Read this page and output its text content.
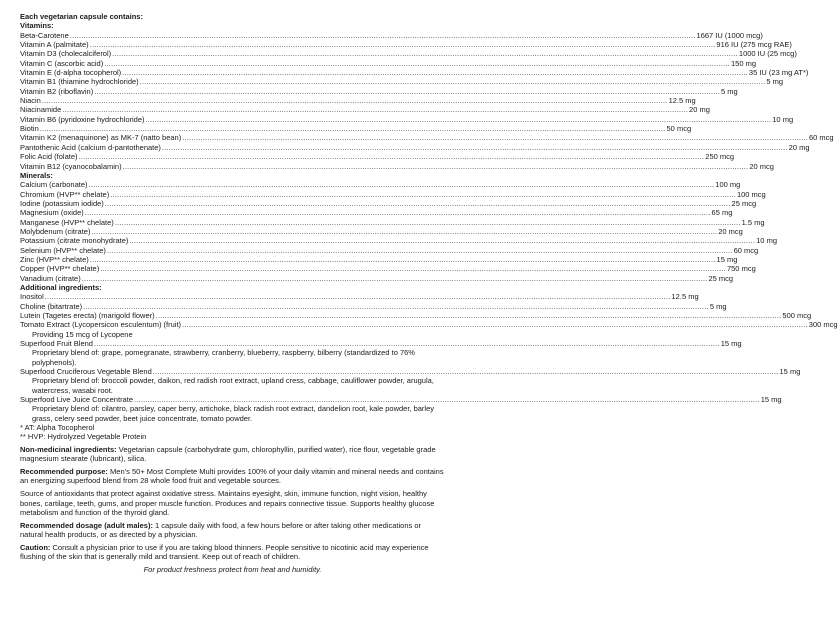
Each vegetarian capsule contains:
Vitamins:
Beta-Carotene .....	1667 IU (1000 mcg)
Vitamin A (palmitate) .....	916 IU (275 mcg RAE)
Vitamin D3 (cholecalciferol) .....	1000 IU (25 mcg)
Vitamin C (ascorbic acid) .....	150 mg
Vitamin E (d-alpha tocopherol) .....	35 IU (23 mg AT*)
Vitamin B1 (thiamine hydrochloride) .....	5 mg
Vitamin B2 (riboflavin) .....	5 mg
Niacin .....	12.5 mg
Niacinamide .....	20 mg
Vitamin B6 (pyridoxine hydrochloride) .....	10 mg
Biotin .....	50 mcg
Vitamin K2 (menaquinone) as MK-7 (natto bean) .....	60 mcg
Pantothenic Acid (calcium d-pantothenate) .....	20 mg
Folic Acid (folate) .....	250 mcg
Vitamin B12 (cyanocobalamin) .....	20 mcg
Minerals:
Calcium (carbonate) .....	100 mg
Chromium (HVP** chelate) .....	100 mcg
Iodine (potassium iodide) .....	25 mcg
Magnesium (oxide) .....	65 mg
Manganese (HVP** chelate) .....	1.5 mg
Molybdenum (citrate) .....	20 mcg
Potassium (citrate monohydrate) .....	10 mg
Selenium (HVP** chelate) .....	60 mcg
Zinc (HVP** chelate) .....	15 mg
Copper (HVP** chelate) .....	750 mcg
Vanadium (citrate) .....	25 mcg
Additional ingredients:
Inositol .....	12.5 mg
Choline (bitartrate) .....	5 mg
Lutein (Tagetes erecta) (marigold flower) .....	500 mcg
Tomato Extract (Lycopersicon esculentum) (fruit) .....	300 mcg
Providing 15 mcg of Lycopene
Superfood Fruit Blend .....	15 mg
Proprietary blend of: grape, pomegranate, strawberry, cranberry, blueberry, raspberry, bilberry (standardized to 76% polyphenols).
Superfood Cruciferous Vegetable Blend .....	15 mg
Proprietary blend of: broccoli powder, daikon, red radish root extract, upland cress, cabbage, cauliflower powder, arugula, watercress, wasabi root.
Superfood Live Juice Concentrate .....	15 mg
Proprietary blend of: cilantro, parsley, caper berry, artichoke, black radish root extract, dandelion root, kale powder, barley grass, celery seed powder, beet juice concentrate, tomato powder.
* AT: Alpha Tocopherol
** HVP: Hydrolyzed Vegetable Protein
Non-medicinal ingredients: Vegetarian capsule (carbohydrate gum, chlorophyllin, purified water), rice flour, vegetable grade magnesium stearate (lubricant), silica.
Recommended purpose: Men’s 50+ Most Complete Multi provides 100% of your daily vitamin and mineral needs and contains an energizing superfood blend from 28 whole food fruit and vegetable sources.
Source of antioxidants that protect against oxidative stress. Maintains eyesight, skin, immune function, night vision, healthy bones, cartilage, teeth, gums, and proper muscle function. Produces and repairs connective tissue. Supports healthy glucose metabolism and function of the thyroid gland.
Recommended dosage (adult males): 1 capsule daily with food, a few hours before or after taking other medications or natural health products, or as directed by a physician.
Caution: Consult a physician prior to use if you are taking blood thinners. People sensitive to nicotinic acid may experience flushing of the skin that is generally mild and transient. Keep out of reach of children.
For product freshness protect from heat and humidity.
